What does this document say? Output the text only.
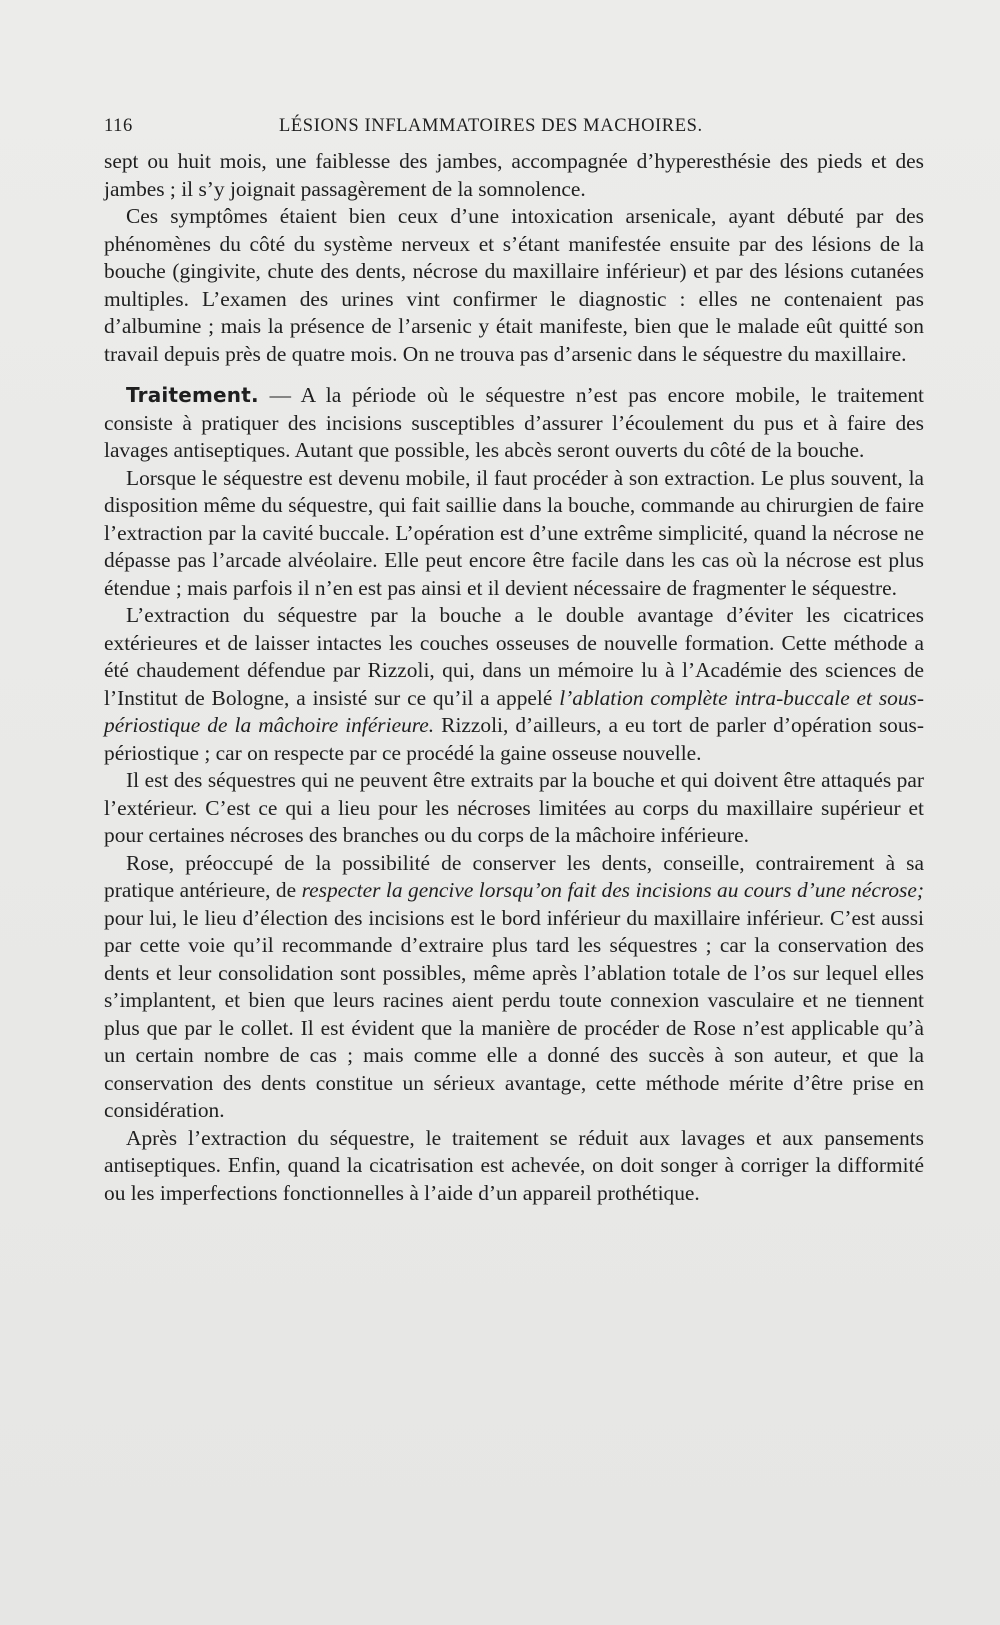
116	LÉSIONS INFLAMMATOIRES DES MACHOIRES.

sept ou huit mois, une faiblesse des jambes, accompagnée d’hyperesthésie des pieds et des jambes ; il s’y joignait passagèrement de la somnolence.

Ces symptômes étaient bien ceux d’une intoxication arsenicale, ayant débuté par des phénomènes du côté du système nerveux et s’étant manifestée ensuite par des lésions de la bouche (gingivite, chute des dents, nécrose du maxillaire inférieur) et par des lésions cutanées multiples. L’examen des urines vint confirmer le diagnostic : elles ne contenaient pas d’albumine ; mais la présence de l’arsenic y était manifeste, bien que le malade eût quitté son travail depuis près de quatre mois. On ne trouva pas d’arsenic dans le séquestre du maxillaire.

Traitement. — A la période où le séquestre n’est pas encore mobile, le traitement consiste à pratiquer des incisions susceptibles d’assurer l’écoulement du pus et à faire des lavages antiseptiques. Autant que possible, les abcès seront ouverts du côté de la bouche.

Lorsque le séquestre est devenu mobile, il faut procéder à son extraction. Le plus souvent, la disposition même du séquestre, qui fait saillie dans la bouche, commande au chirurgien de faire l’extraction par la cavité buccale. L’opération est d’une extrême simplicité, quand la nécrose ne dépasse pas l’arcade alvéolaire. Elle peut encore être facile dans les cas où la nécrose est plus étendue ; mais parfois il n’en est pas ainsi et il devient nécessaire de fragmenter le séquestre.

L’extraction du séquestre par la bouche a le double avantage d’éviter les cicatrices extérieures et de laisser intactes les couches osseuses de nouvelle formation. Cette méthode a été chaudement défendue par Rizzoli, qui, dans un mémoire lu à l’Académie des sciences de l’Institut de Bologne, a insisté sur ce qu’il a appelé l’ablation complète intra-buccale et sous-périostique de la mâchoire inférieure. Rizzoli, d’ailleurs, a eu tort de parler d’opération sous-périostique ; car on respecte par ce procédé la gaine osseuse nouvelle.

Il est des séquestres qui ne peuvent être extraits par la bouche et qui doivent être attaqués par l’extérieur. C’est ce qui a lieu pour les nécroses limitées au corps du maxillaire supérieur et pour certaines nécroses des branches ou du corps de la mâchoire inférieure.

Rose, préoccupé de la possibilité de conserver les dents, conseille, contrairement à sa pratique antérieure, de respecter la gencive lorsqu’on fait des incisions au cours d’une nécrose; pour lui, le lieu d’élection des incisions est le bord inférieur du maxillaire inférieur. C’est aussi par cette voie qu’il recommande d’extraire plus tard les séquestres ; car la conservation des dents et leur consolidation sont possibles, même après l’ablation totale de l’os sur lequel elles s’implantent, et bien que leurs racines aient perdu toute connexion vasculaire et ne tiennent plus que par le collet. Il est évident que la manière de procéder de Rose n’est applicable qu’à un certain nombre de cas ; mais comme elle a donné des succès à son auteur, et que la conservation des dents constitue un sérieux avantage, cette méthode mérite d’être prise en considération.

Après l’extraction du séquestre, le traitement se réduit aux lavages et aux pansements antiseptiques. Enfin, quand la cicatrisation est achevée, on doit songer à corriger la difformité ou les imperfections fonctionnelles à l’aide d’un appareil prothétique.
